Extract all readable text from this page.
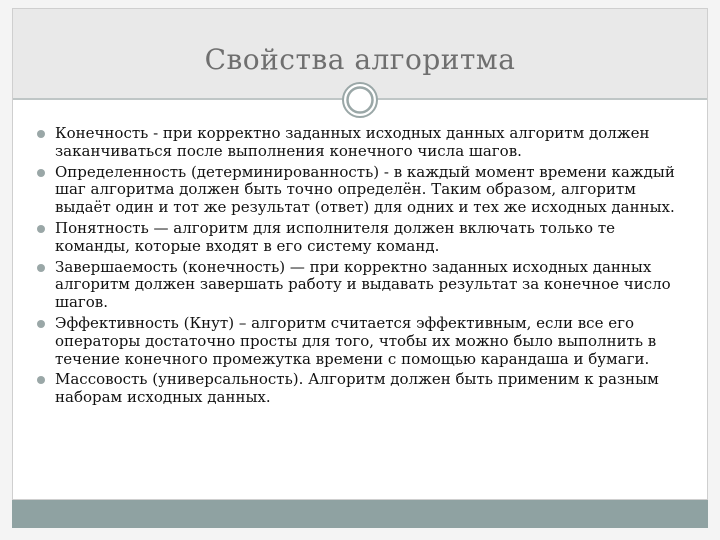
Свойства алгоритма
Конечность - при корректно заданных исходных данных алгоритм должен заканчиваться после выполнения конечного числа шагов.
Определенность (детерминированность) - в каждый момент времени каждый шаг алгоритма должен быть точно определён. Таким образом, алгоритм выдаёт один и тот же результат (ответ) для одних и тех же исходных данных.
Понятность — алгоритм для исполнителя должен включать только те команды, которые входят в его систему команд.
Завершаемость (конечность) — при корректно заданных исходных данных алгоритм должен завершать работу и выдавать результат за конечное число шагов.
Эффективность (Кнут) – алгоритм считается эффективным, если все его операторы достаточно просты для того, чтобы их можно было выполнить в течение конечного промежутка времени с помощью карандаша и бумаги.
Массовость (универсальность). Алгоритм должен быть применим к разным наборам исходных данных.
